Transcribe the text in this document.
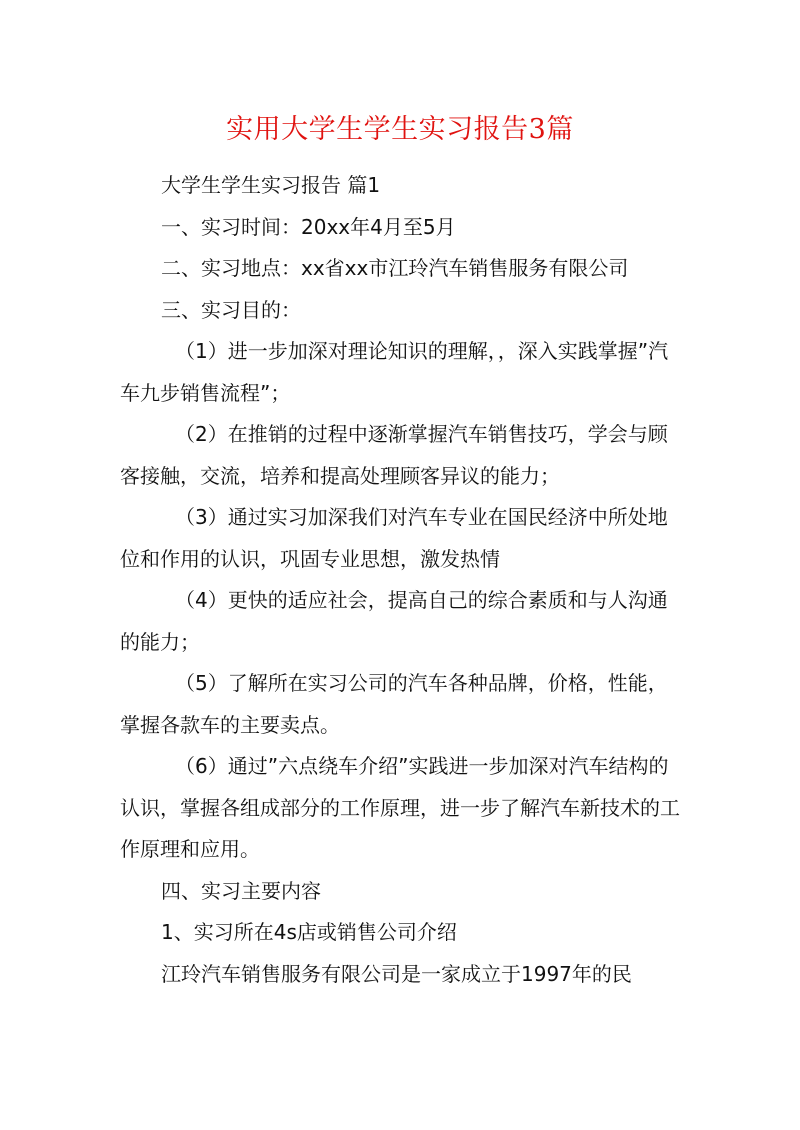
实用大学生学生实习报告3篇

大学生学生实习报告 篇1

一、实习时间：20xx年4月至5月

二、实习地点：xx省xx市江玲汽车销售服务有限公司

三、实习目的：

（1）进一步加深对理论知识的理解，，深入实践掌握”汽车九步销售流程”；

（2）在推销的过程中逐渐掌握汽车销售技巧，学会与顾客接触，交流，培养和提高处理顾客异议的能力；

（3）通过实习加深我们对汽车专业在国民经济中所处地位和作用的认识，巩固专业思想，激发热情

（4）更快的适应社会，提高自己的综合素质和与人沟通的能力；

（5）了解所在实习公司的汽车各种品牌，价格，性能，掌握各款车的主要卖点。

（6）通过”六点绕车介绍”实践进一步加深对汽车结构的认识，掌握各组成部分的工作原理，进一步了解汽车新技术的工作原理和应用。

四、实习主要内容

1、实习所在4s店或销售公司介绍

江玲汽车销售服务有限公司是一家成立于1997年的民
